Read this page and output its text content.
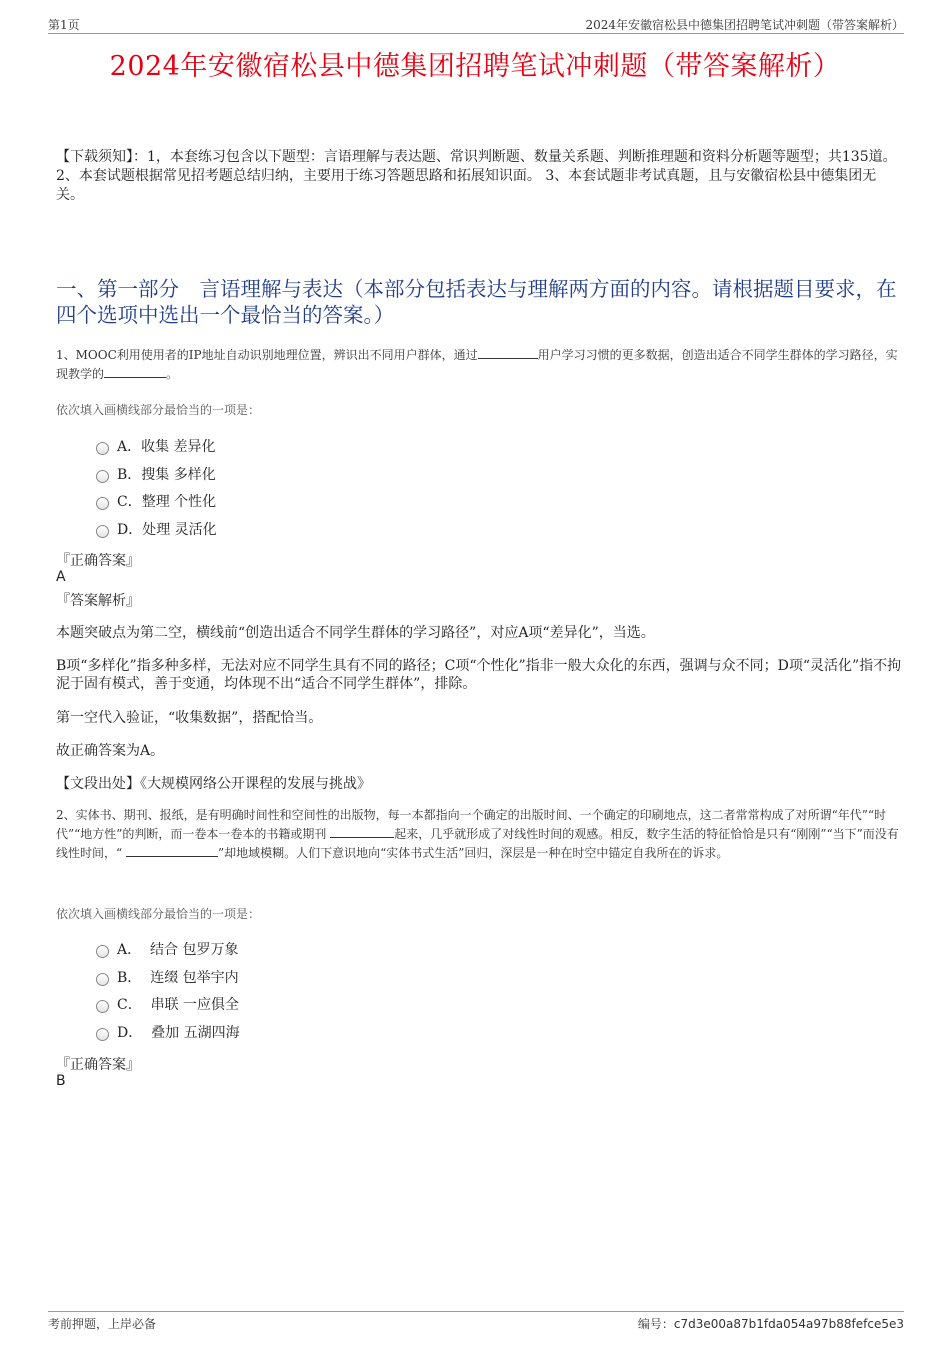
第1页	2024年安徽宿松县中德集团招聘笔试冲刺题（带答案解析）
2024年安徽宿松县中德集团招聘笔试冲刺题（带答案解析）
【下载须知】：1，本套练习包含以下题型：言语理解与表达题、常识判断题、数量关系题、判断推理题和资料分析题等题型；共135道。 2、本套试题根据常见招考题总结归纳，主要用于练习答题思路和拓展知识面。 3、本套试题非考试真题，且与安徽宿松县中德集团无关。
一、第一部分　言语理解与表达（本部分包括表达与理解两方面的内容。请根据题目要求，在四个选项中选出一个最恰当的答案。）
1、MOOC利用使用者的IP地址自动识别地理位置，辨识出不同用户群体，通过	用户学习习惯的更多数据，创造出适合不同学生群体的学习路径，实现教学的	。
依次填入画横线部分最恰当的一项是：
A．收集 差异化
B．搜集 多样化
C．整理 个性化
D．处理 灵活化
『正确答案』
A
『答案解析』
本题突破点为第二空，横线前“创造出适合不同学生群体的学习路径”，对应A项“差异化”，当选。
B项“多样化”指多种多样，无法对应不同学生具有不同的路径；C项“个性化”指非一般大众化的东西，强调与众不同；D项“灵活化”指不拘泥于固有模式，善于变通，均体现不出“适合不同学生群体”，排除。
第一空代入验证，“收集数据”，搭配恰当。
故正确答案为A。
【文段出处】《大规模网络公开课程的发展与挑战》
2、实体书、期刊、报纸，是有明确时间性和空间性的出版物，每一本都指向一个确定的出版时间、一个确定的印刷地点，这二者常常构成了对所谓“年代”“时代”“地方性”的判断，而一卷本一卷本的书籍或期刊	起来，几乎就形成了对线性时间的观感。相反，数字生活的特征恰恰是只有“刚刚”“当下”而没有线性时间，“	”却地域模糊。人们下意识地向“实体书式生活”回归，深层是一种在时空中锚定自我所在的诉求。
依次填入画横线部分最恰当的一项是：
A．  结合 包罗万象
B．  连缀 包举宇内
C．  串联 一应俱全
D．  叠加 五湖四海
『正确答案』
B
考前押题，上岸必备	编号：c7d3e00a87b1fda054a97b88fefce5e3
